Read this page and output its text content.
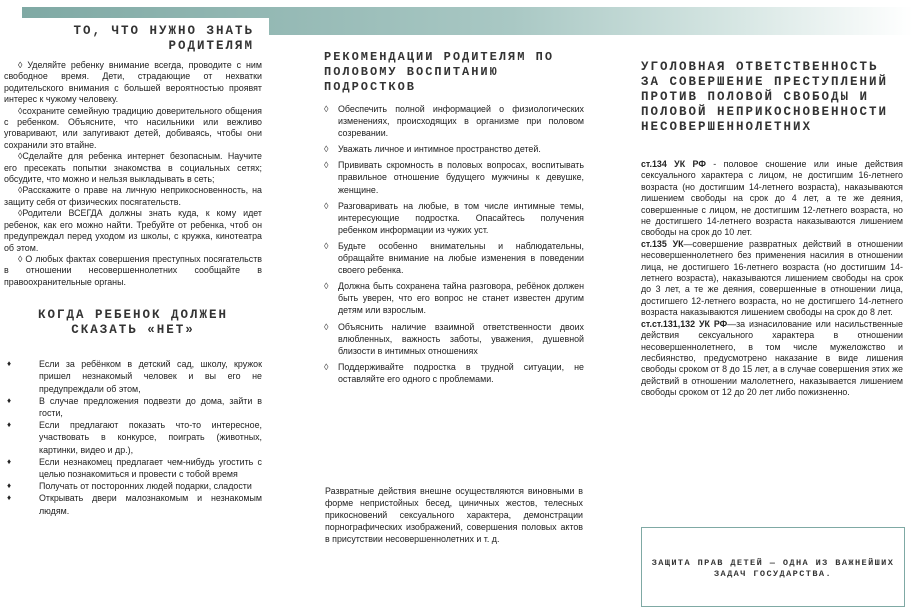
ТО, ЧТО НУЖНО ЗНАТЬ РОДИТЕЛЯМ

◊ Уделяйте ребенку внимание всегда, проводите с ним свободное время. Дети, страдающие от нехватки родительского внимания с большей вероятностью проявят интерес к чужому человеку.

◊сохраните семейную традицию доверительного общения с ребенком. Объясните, что насильники или вежливо уговаривают, или запугивают детей, добиваясь, чтобы они сохранили это втайне.

◊Сделайте для ребенка интернет безопасным. Научите его пресекать попытки знакомства в социальных сетях; обсудите, что можно и нельзя выкладывать в сеть;

◊Расскажите о праве на личную неприкосновенность, на защиту себя от физических посягательств.

◊Родители ВСЕГДА должны знать куда, к кому идет ребенок, как его можно найти. Требуйте от ребенка, чтоб он предупреждал перед уходом из школы, с кружка, кинотеатра об этом.

◊ О любых фактах совершения преступных посягательств в отношении несовершеннолетних сообщайте в правоохранительные органы.

КОГДА РЕБЕНОК ДОЛЖЕН СКАЗАТЬ «НЕТ»
♦	Если за ребёнком в детский сад, школу, кружок пришел незнакомый человек и вы его не предупреждали об этом,
♦	В случае предложения подвезти до дома, зайти в гости,
♦	Если предлагают показать что-то интересное, участвовать в конкурсе, поиграть (животных, картинки, видео и др.),
♦	Если незнакомец предлагает чем-нибудь угостить с целью познакомиться и провести с тобой время
♦	Получать от посторонних людей подарки, сладости
♦	Открывать двери малознакомым и незнакомым людям.
РЕКОМЕНДАЦИИ РОДИТЕЛЯМ ПО ПОЛОВОМУ ВОСПИТАНИЮ ПОДРОСТКОВ
◊ Обеспечить полной информацией о физиологических изменениях, происходящих в организме при половом созревании.
◊ Уважать личное и интимное пространство детей.
◊ Прививать скромность в половых вопросах, воспитывать правильное отношение будущего мужчины к девушке, женщине.
◊ Разговаривать на любые, в том числе интимные темы, интересующие подростка. Опасайтесь получения ребенком информации из чужих уст.
◊ Будьте особенно внимательны и наблюдательны, обращайте внимание на любые изменения в поведении своего ребенка.
◊ Должна быть сохранена тайна разговора, ребёнок должен быть уверен, что его вопрос не станет известен другим детям или взрослым.
◊ Объяснить наличие взаимной ответственности двоих влюбленных, важность заботы, уважения, душевной близости в интимных отношениях
◊ Поддерживайте подростка в трудной ситуации, не оставляйте его одного с проблемами.
Развратные действия внешне осуществляются виновными в форме непристойных бесед, циничных жестов, телесных прикосновений сексуального характера, демонстрации порнографических изображений, совершения половых актов в присутствии несовершеннолетних и т. д.
УГОЛОВНАЯ ОТВЕТСТВЕННОСТЬ ЗА СОВЕРШЕНИЕ ПРЕСТУПЛЕНИЙ ПРОТИВ ПОЛОВОЙ СВОБОДЫ И ПОЛОВОЙ НЕПРИКОСНОВЕННОСТИ НЕСОВЕРШЕННОЛЕТНИХ

ст.134 УК РФ - половое сношение или иные действия сексуального характера с лицом, не достигшим 16-летнего возраста (но достигшим 14-летнего возраста), наказываются лишением свободы на срок до 4 лет, а те же деяния, совершенные с лицом, не достигшим 12-летнего возраста, но не достигшего 14-летнего возраста наказываются лишением свободы на срок до 10 лет.

ст.135 УК—совершение развратных действий в отношении несовершеннолетнего без применения насилия в отношении лица, не достигшего 16-летнего возраста (но достигшим 14-летнего возраста), наказываются лишением свободы на срок до 3 лет, а те же деяния, совершенные в отношении лица, достигшего 12-летнего возраста, но не достигшего 14-летнего возраста наказываются лишением свободы на срок до 8 лет.

ст.ст.131,132 УК РФ—за изнасилование или насильственные действия сексуального характера в отношении несовершеннолетнего, в том числе мужеложство и лесбиянство, предусмотрено наказание в виде лишения свободы сроком от 8 до 15 лет, а в случае совершения этих же действий в отношении малолетнего, наказывается лишением свободы сроком от 12 до 20 лет либо пожизненно.

ЗАЩИТА ПРАВ ДЕТЕЙ — ОДНА ИЗ ВАЖНЕЙШИХ ЗАДАЧ ГОСУДАРСТВА.
